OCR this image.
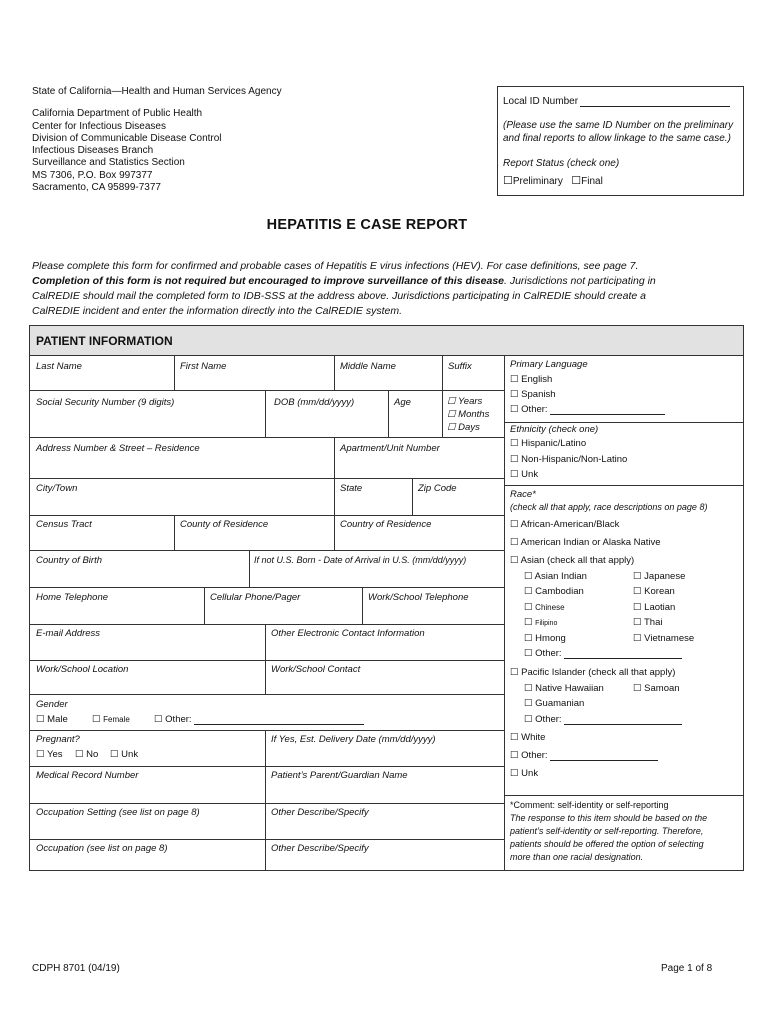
State of California—Health and Human Services Agency
California Department of Public Health
Center for Infectious Diseases
Division of Communicable Disease Control
Infectious Diseases Branch
Surveillance and Statistics Section
MS 7306, P.O. Box 997377
Sacramento, CA 95899-7377
Local ID Number
(Please use the same ID Number on the preliminary
and final reports to allow linkage to the same case.)
Report Status (check one)
☐Preliminary ☐Final
HEPATITIS E CASE REPORT

Please complete this form for confirmed and probable cases of Hepatitis E virus infections (HEV). For case definitions, see page 7.

Completion of this form is not required but encouraged to improve surveillance of this disease. Jurisdictions not participating in

CalREDIE should mail the completed form to IDB-SSS at the address above. Jurisdictions participating in CalREDIE should create a

CalREDIE incident and enter the information directly into the CalREDIE system.

PATIENT INFORMATION
Last Name	First Name	Middle Name	Suffix
Social Security Number (9 digits)	DOB (mm/dd/yyyy)	Age	☐ Years
☐ Months
☐ Days
Address Number & Street – Residence	Apartment/Unit Number
City/Town	State	Zip Code
Census Tract	County of Residence	Country of Residence
Country of Birth	If not U.S. Born - Date of Arrival in U.S. (mm/dd/yyyy)
Home Telephone	Cellular Phone/Pager	Work/School Telephone
E-mail Address	Other Electronic Contact Information
Work/School Location	Work/School Contact
Gender
☐ Male	☐ Female	☐ Other:
Pregnant?
☐ Yes ☐ No ☐ Unk
If Yes, Est. Delivery Date (mm/dd/yyyy)
Medical Record Number	Patient’s Parent/Guardian Name
Occupation Setting (see list on page 8)	Other Describe/Specify
Occupation (see list on page 8)	Other Describe/Specify
Primary Language
☐ English
☐ Spanish
☐ Other:
Ethnicity (check one)
☐ Hispanic/Latino
☐ Non-Hispanic/Non-Latino
☐ Unk
Race*
(check all that apply, race descriptions on page 8)
☐ African-American/Black
☐ American Indian or Alaska Native
☐ Asian (check all that apply)
☐ Asian Indian	☐ Japanese
☐ Cambodian	☐ Korean
☐ Chinese	☐ Laotian
☐ Filipino	☐ Thai
☐ Hmong	☐ Vietnamese
☐ Other:
☐ Pacific Islander (check all that apply)
☐ Native Hawaiian	☐ Samoan
☐ Guamanian
☐ Other:
☐ White
☐ Other:
☐ Unk
*Comment: self-identity or self-reporting
The response to this item should be based on the
patient’s self-identity or self-reporting. Therefore,
patients should be offered the option of selecting
more than one racial designation.
CDPH 8701 (04/19)	Page 1 of 8
